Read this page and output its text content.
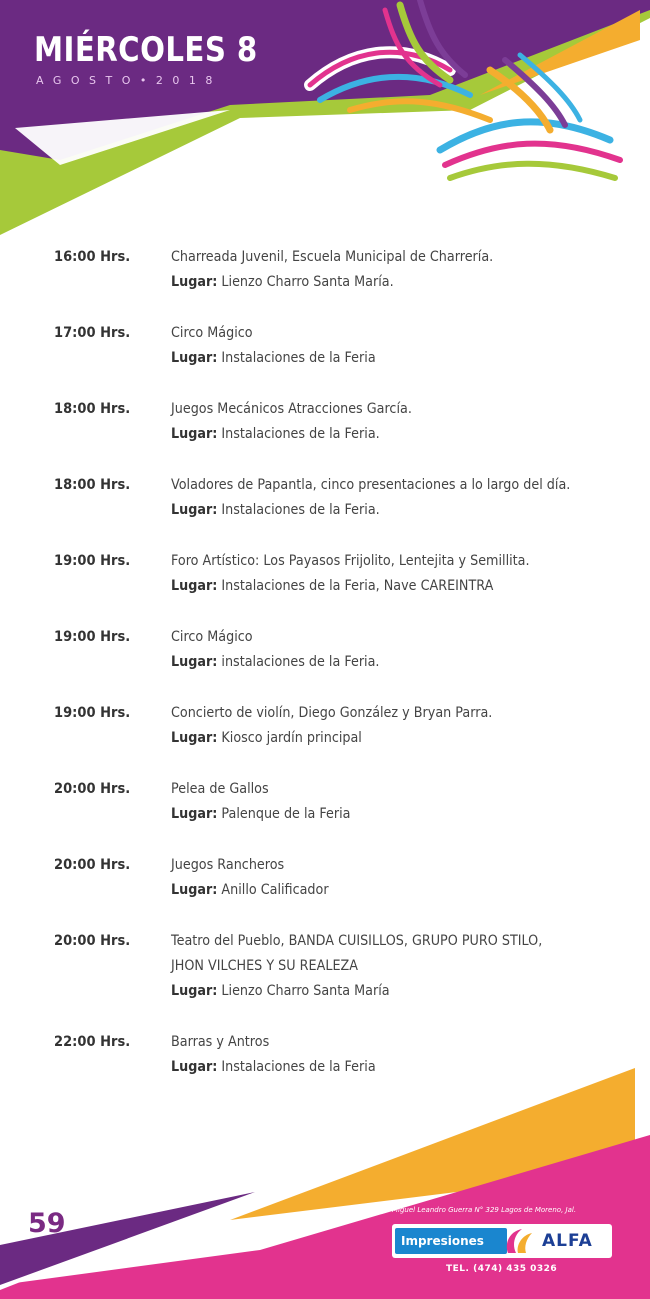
MIÉRCOLES 8
AGOSTO•2018
16:00 Hrs.	Charreada Juvenil, Escuela Municipal de Charrería.
Lugar: Lienzo Charro Santa María.
17:00 Hrs.	Circo Mágico
Lugar: Instalaciones de la Feria
18:00 Hrs.	Juegos Mecánicos Atracciones García.
Lugar: Instalaciones de la Feria.
18:00 Hrs.	Voladores de Papantla, cinco presentaciones a lo largo del día.
Lugar: Instalaciones de la Feria.
19:00 Hrs.	Foro Artístico: Los Payasos Frijolito, Lentejita y Semillita.
Lugar: Instalaciones de la Feria, Nave CAREINTRA
19:00 Hrs.	Circo Mágico
Lugar: instalaciones de la Feria.
19:00 Hrs.	Concierto de violín, Diego González y Bryan Parra.
Lugar: Kiosco jardín principal
20:00 Hrs.	Pelea de Gallos
Lugar: Palenque de la Feria
20:00 Hrs.	Juegos Rancheros
Lugar: Anillo Calificador
20:00 Hrs.	Teatro del Pueblo, BANDA CUISILLOS, GRUPO PURO STILO,
JHON VILCHES Y SU REALEZA
Lugar: Lienzo Charro Santa María
22:00 Hrs.	Barras y Antros
Lugar: Instalaciones de la Feria
59	Miguel Leandro Guerra N° 329 Lagos de Moreno, Jal.
Impresiones	ALFA
TEL. (474) 435 0326
